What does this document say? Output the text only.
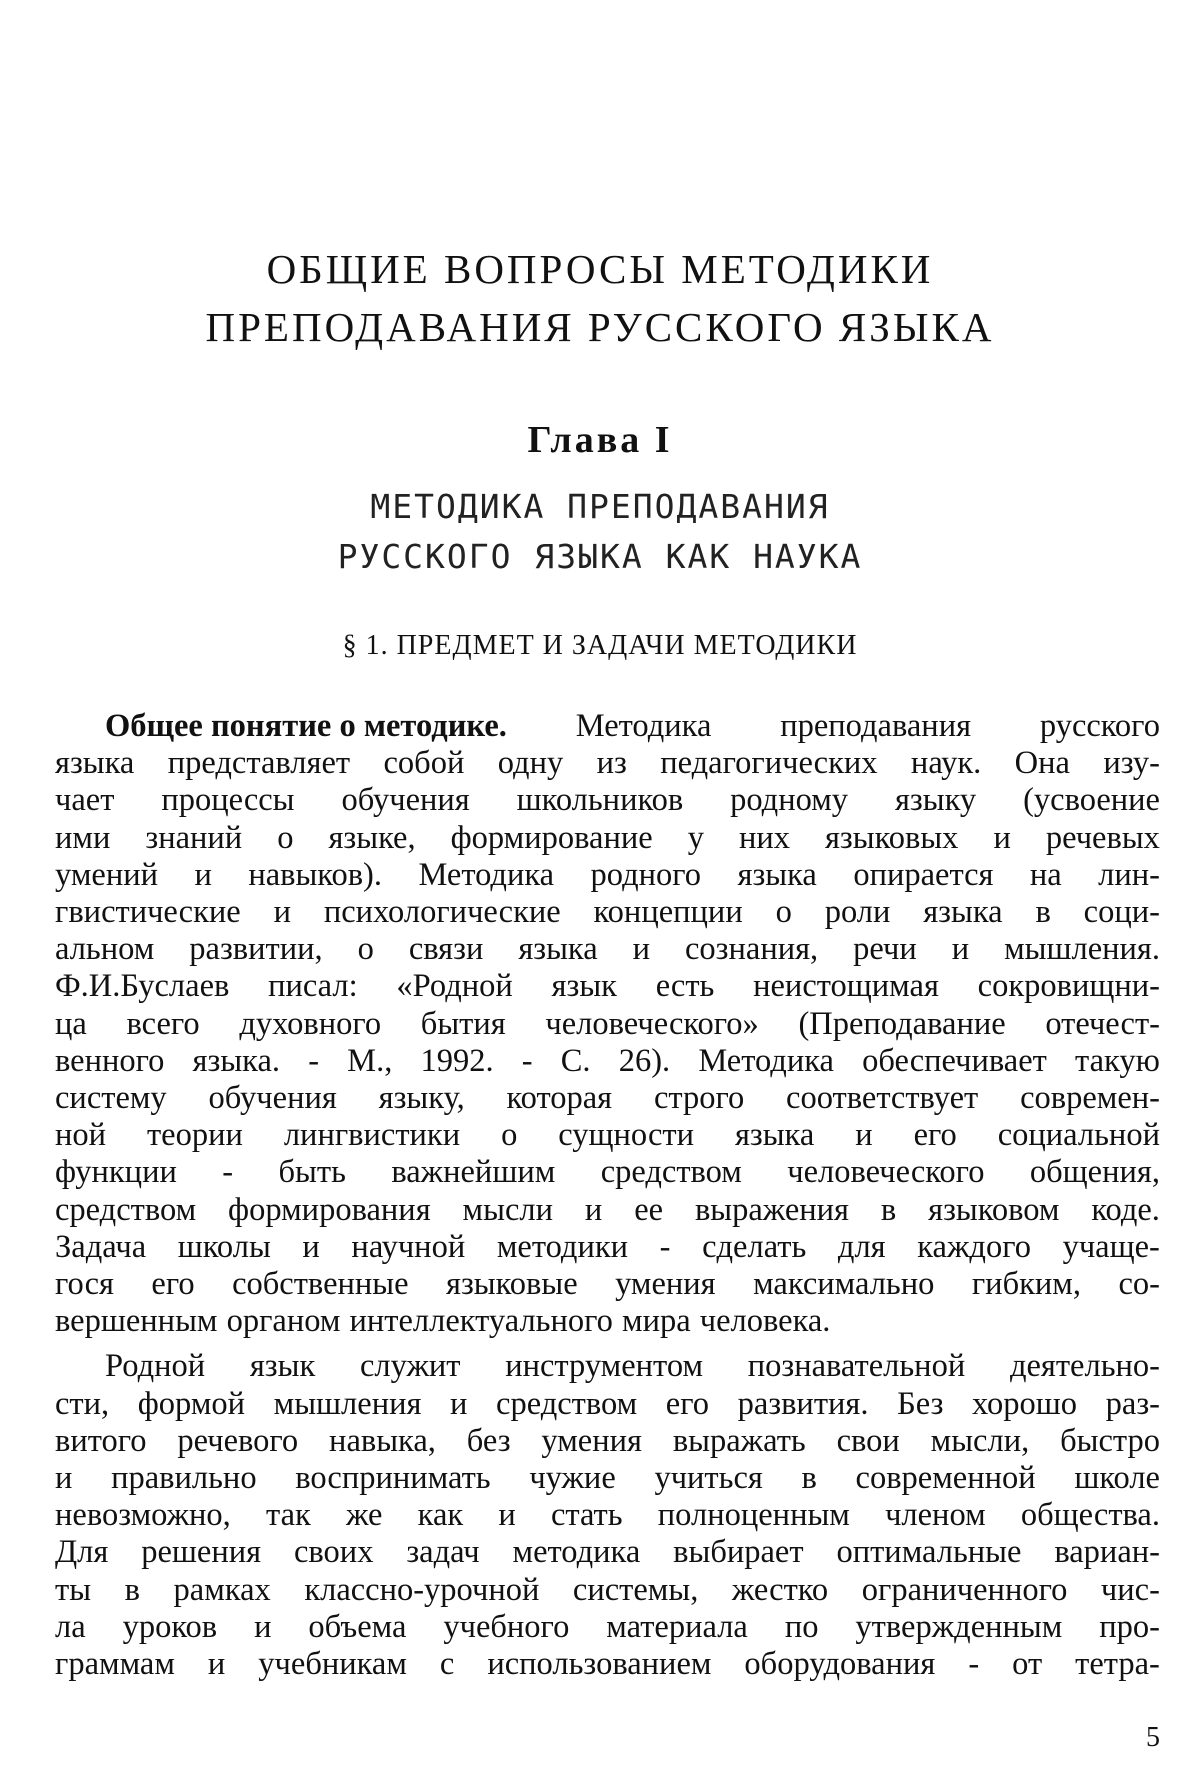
ОБЩИЕ ВОПРОСЫ МЕТОДИКИ
ПРЕПОДАВАНИЯ РУССКОГО ЯЗЫКА
Глава I
МЕТОДИКА ПРЕПОДАВАНИЯ
РУССКОГО ЯЗЫКА КАК НАУКА
§ 1. ПРЕДМЕТ И ЗАДАЧИ МЕТОДИКИ
Общее понятие о методике. Методика преподавания русского
языка представляет собой одну из педагогических наук. Она изу-
чает процессы обучения школьников родному языку (усвоение
ими знаний о языке, формирование у них языковых и речевых
умений и навыков). Методика родного языка опирается на лин-
гвистические и психологические концепции о роли языка в соци-
альном развитии, о связи языка и сознания, речи и мышления.
Ф.И.Буслаев писал: «Родной язык есть неистощимая сокровищни-
ца всего духовного бытия человеческого» (Преподавание отечест-
венного языка. - М., 1992. - С. 26). Методика обеспечивает такую
систему обучения языку, которая строго соответствует современ-
ной теории лингвистики о сущности языка и его социальной
функции - быть важнейшим средством человеческого общения,
средством формирования мысли и ее выражения в языковом коде.
Задача школы и научной методики - сделать для каждого учаще-
гося его собственные языковые умения максимально гибким, со-
вершенным органом интеллектуального мира человека.
Родной язык служит инструментом познавательной деятельно-
сти, формой мышления и средством его развития. Без хорошо раз-
витого речевого навыка, без умения выражать свои мысли, быстро
и правильно воспринимать чужие учиться в современной школе
невозможно, так же как и стать полноценным членом общества.
Для решения своих задач методика выбирает оптимальные вариан-
ты в рамках классно-урочной системы, жестко ограниченного чис-
ла уроков и объема учебного материала по утвержденным про-
граммам и учебникам с использованием оборудования - от тетра-
5
